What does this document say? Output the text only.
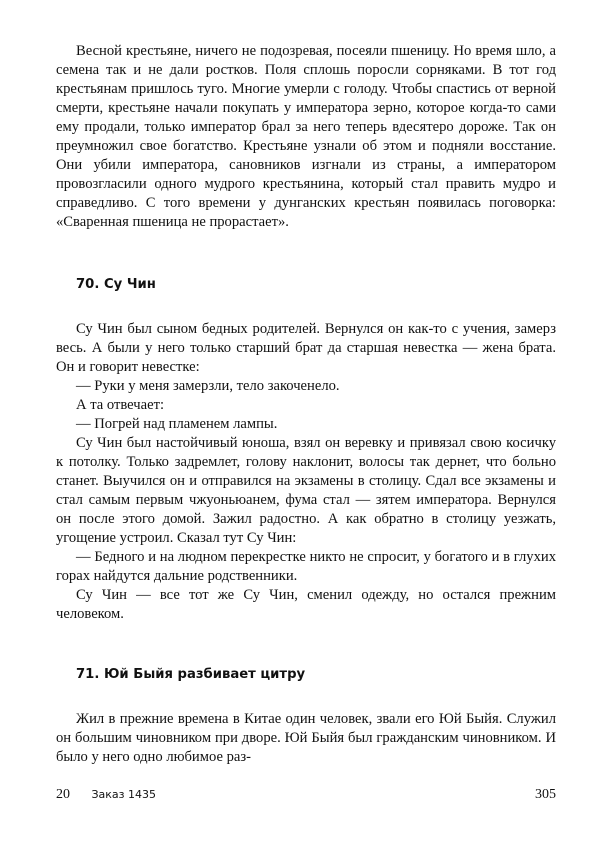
Весной крестьяне, ничего не подозревая, посеяли пшеницу. Но время шло, а семена так и не дали ростков. Поля сплошь поросли сорняками. В тот год крестьянам пришлось туго. Многие умерли с голоду. Чтобы спастись от верной смерти, крестьяне начали покупать у императора зерно, которое когда-то сами ему продали, только император брал за него теперь вдесятеро дороже. Так он преумножил свое богатство. Крестьяне узнали об этом и подняли восстание. Они убили императора, сановников изгнали из страны, а императором провозгласили одного мудрого крестьянина, который стал править мудро и справедливо. С того времени у дунганских крестьян появилась поговорка: «Сваренная пшеница не прорастает».

70. Су Чин

Су Чин был сыном бедных родителей. Вернулся он как-то с учения, замерз весь. А были у него только старший брат да старшая невестка — жена брата. Он и говорит невестке:

— Руки у меня замерзли, тело закоченело.

А та отвечает:

— Погрей над пламенем лампы.

Су Чин был настойчивый юноша, взял он веревку и привязал свою косичку к потолку. Только задремлет, голову наклонит, волосы так дернет, что больно станет. Выучился он и отправился на экзамены в столицу. Сдал все экзамены и стал самым первым чжуоньюанем, фума стал — зятем императора. Вернулся он после этого домой. Зажил радостно. А как обратно в столицу уезжать, угощение устроил. Сказал тут Су Чин:

— Бедного и на людном перекрестке никто не спросит, у богатого и в глухих горах найдутся дальние родственники.

Су Чин — все тот же Су Чин, сменил одежду, но остался прежним человеком.

71. Юй Быйя разбивает цитру

Жил в прежние времена в Китае один человек, звали его Юй Быйя. Служил он большим чиновником при дворе. Юй Быйя был гражданским чиновником. И было у него одно любимое раз-

20 Заказ 1435	305
